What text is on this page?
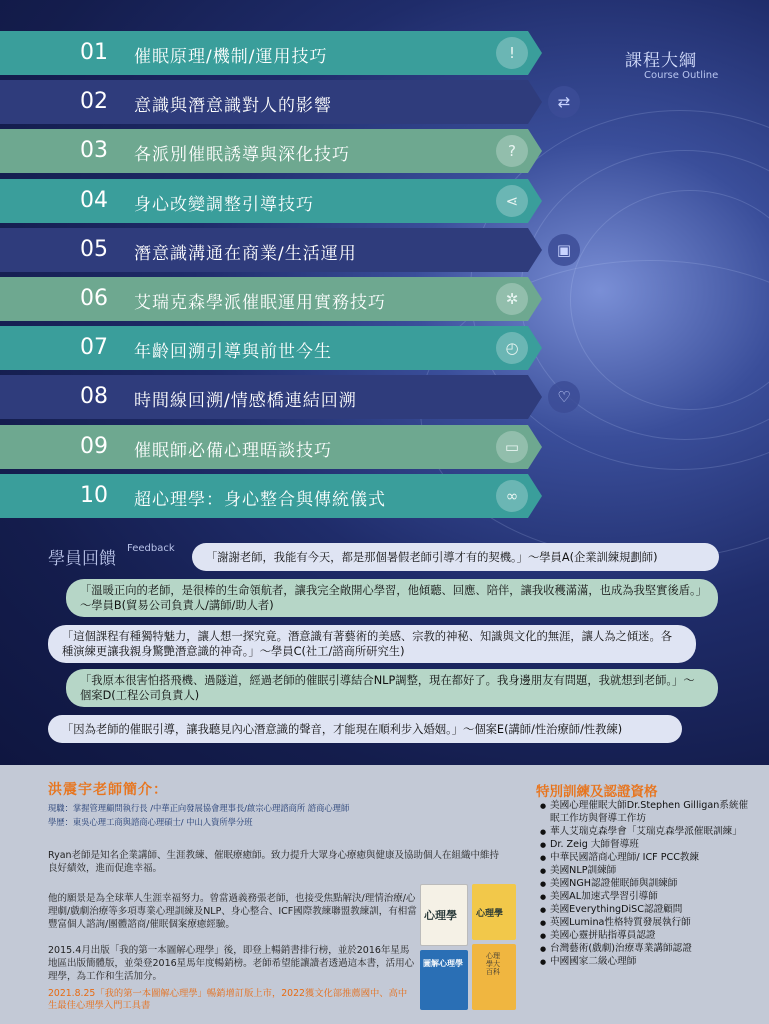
課程大綱
Course Outline
01 催眠原理/機制/運用技巧	!
02 意識與潛意識對人的影響	⇄
03 各派別催眠誘導與深化技巧	?
04 身心改變調整引導技巧	⋖
05 潛意識溝通在商業/生活運用	▣
06 艾瑞克森學派催眠運用實務技巧	✲
07 年齡回溯引導與前世今生	◴
08 時間線回溯/情感橋連結回溯	♡
09 催眠師必備心理晤談技巧	▭
10 超心理學：身心整合與傳統儀式	∞
學員回饋
Feedback
「謝謝老師，我能有今天，都是那個暑假老師引導才有的契機。」～學員A(企業訓練規劃師)
「溫暖正向的老師，是很棒的生命領航者，讓我完全敞開心學習，他傾聽、回應、陪伴，讓我收穫滿滿，也成為我堅實後盾。」～學員B(貿易公司負責人/講師/助人者)
「這個課程有種獨特魅力，讓人想一探究竟。潛意識有著藝術的美感、宗教的神秘、知識與文化的無涯，讓人為之傾迷。各種演練更讓我親身驚艷潛意識的神奇。」～學員C(社工/諮商所研究生)
「我原本很害怕搭飛機、過隧道，經過老師的催眠引導結合NLP調整，現在都好了。我身邊朋友有問題，我就想到老師。」～個案D(工程公司負責人)
「因為老師的催眠引導，讓我聽見內心潛意識的聲音，才能現在順利步入婚姻。」～個案E(講師/性治療師/性教練)
洪震宇老師簡介：
現職：掌握管理顧問執行長 /中華正向發展協會理事長/啟宗心理諮商所 諮商心理師
學歷：東吳心理工商與諮商心理碩士/ 中山人資所學分班
Ryan老師是知名企業講師、生涯教練、催眠療癒師。致力提升大眾身心療癒與健康及協助個人在組織中維持良好績效，進而促進幸福。
他的願景是為全球華人生涯幸福努力。曾當過義務張老師，也接受焦點解決/理情治療/心理劇/戲劇治療等多項專業心理訓練及NLP、身心整合、ICF國際教練聯盟教練訓，有相當豐富個人諮詢/團體諮商/催眠個案療癒經驗。
2015.4月出版「我的第一本圖解心理學」後，即登上暢銷書排行榜，並於2016年星馬地區出版簡體版，並榮登2016星馬年度暢銷榜。老師希望能讓讀者透過這本書，活用心理學，為工作和生活加分。
2021.8.25「我的第一本圖解心理學」暢銷增訂版上市，2022獲文化部推薦國中、高中生最佳心理學入門工具書
心理學 心理學
圖解心理學
心理學大百科
特別訓練及認證資格
● 美國心理催眠大師Dr.Stephen Gilligan系統催眠工作坊與督導工作坊
● 華人艾瑞克森學會「艾瑞克森學派催眠訓練」
● Dr. Zeig 大師督導班
● 中華民國諮商心理師/ ICF PCC教練
● 美國NLP訓練師
● 美國NGH認證催眠師與訓練師
● 美國AL加速式學習引導師
● 美國EverythingDiSC認證顧問
● 英國Lumina性格特質發展執行師
● 美國心靈拼貼指導員認證
● 台灣藝術(戲劇)治療專業講師認證
● 中國國家二級心理師
